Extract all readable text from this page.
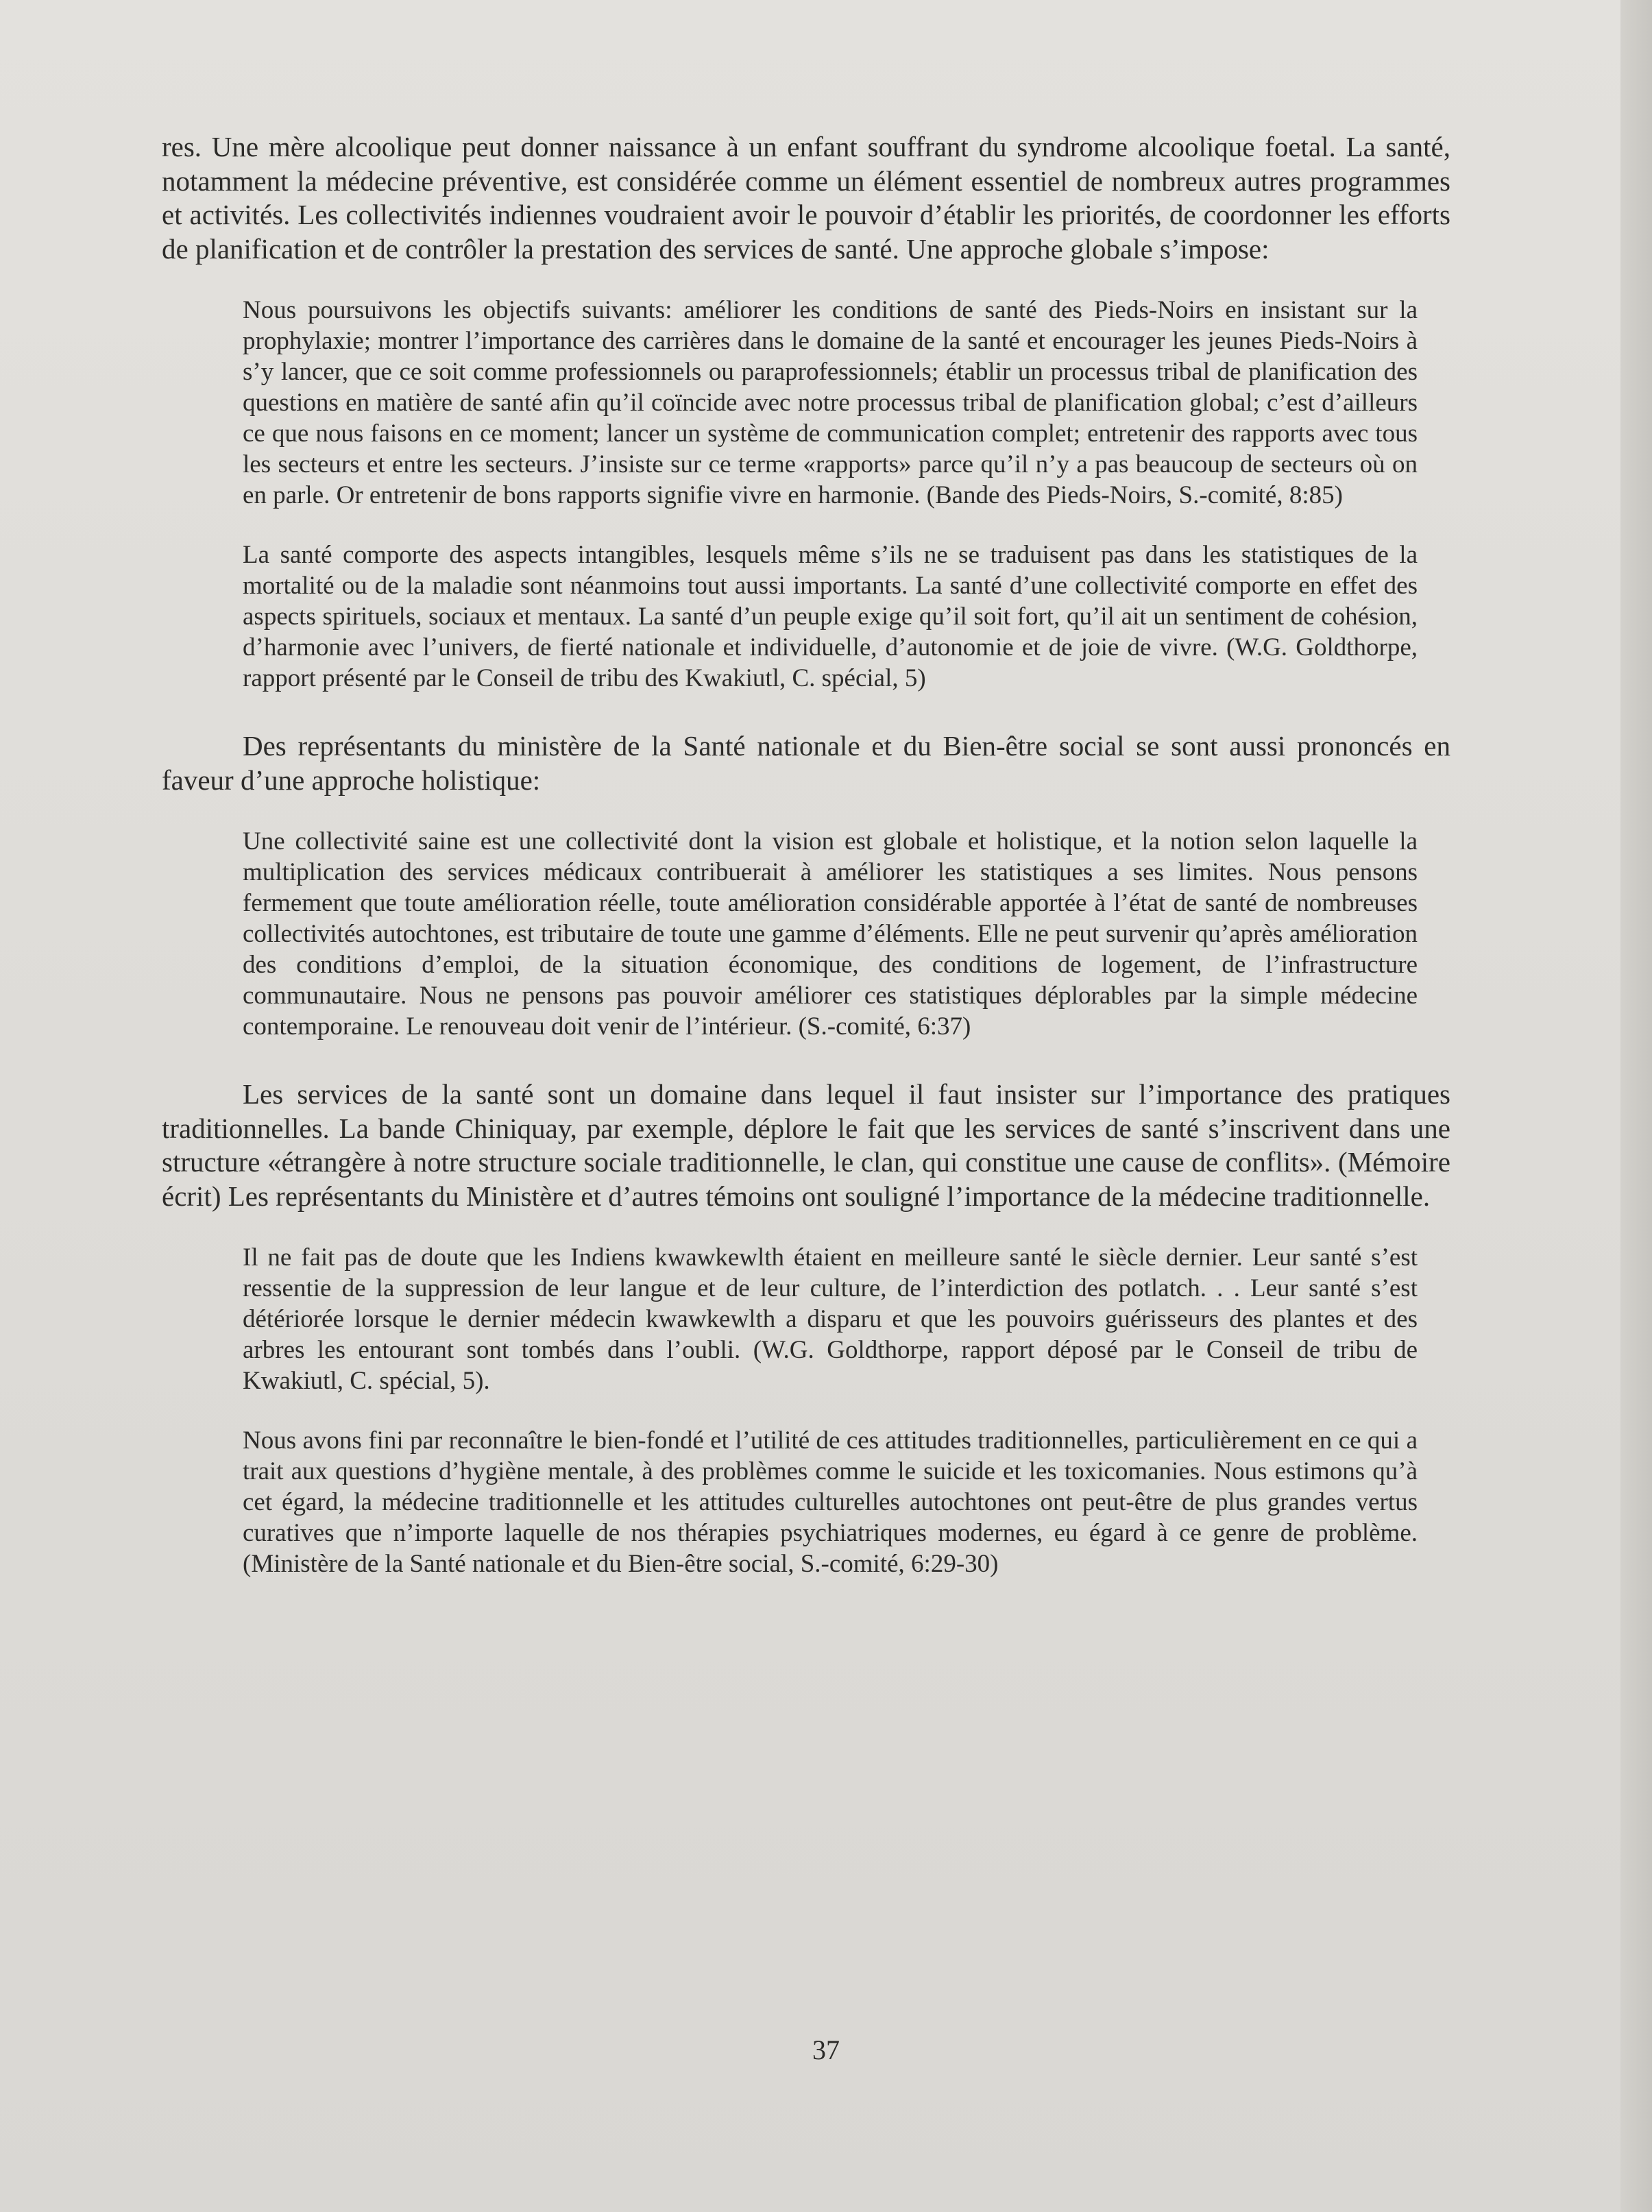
res. Une mère alcoolique peut donner naissance à un enfant souffrant du syndrome alcoolique foetal. La santé, notamment la médecine préventive, est considérée comme un élément essentiel de nombreux autres programmes et activités. Les collectivités indiennes voudraient avoir le pouvoir d’établir les priorités, de coordonner les efforts de planification et de contrôler la prestation des services de santé. Une approche globale s’impose:

Nous poursuivons les objectifs suivants: améliorer les conditions de santé des Pieds-Noirs en insistant sur la prophylaxie; montrer l’importance des carrières dans le domaine de la santé et encourager les jeunes Pieds-Noirs à s’y lancer, que ce soit comme professionnels ou paraprofessionnels; établir un processus tribal de planification des questions en matière de santé afin qu’il coïncide avec notre processus tribal de planification global; c’est d’ailleurs ce que nous faisons en ce moment; lancer un système de communication complet; entretenir des rapports avec tous les secteurs et entre les secteurs. J’insiste sur ce terme «rapports» parce qu’il n’y a pas beaucoup de secteurs où on en parle. Or entretenir de bons rapports signifie vivre en harmonie. (Bande des Pieds-Noirs, S.-comité, 8:85)

La santé comporte des aspects intangibles, lesquels même s’ils ne se traduisent pas dans les statistiques de la mortalité ou de la maladie sont néanmoins tout aussi importants. La santé d’une collectivité comporte en effet des aspects spirituels, sociaux et mentaux. La santé d’un peuple exige qu’il soit fort, qu’il ait un sentiment de cohésion, d’harmonie avec l’univers, de fierté nationale et individuelle, d’autonomie et de joie de vivre. (W.G. Goldthorpe, rapport présenté par le Conseil de tribu des Kwakiutl, C. spécial, 5)

Des représentants du ministère de la Santé nationale et du Bien-être social se sont aussi prononcés en faveur d’une approche holistique:

Une collectivité saine est une collectivité dont la vision est globale et holistique, et la notion selon laquelle la multiplication des services médicaux contribuerait à améliorer les statistiques a ses limites. Nous pensons fermement que toute amélioration réelle, toute amélioration considérable apportée à l’état de santé de nombreuses collectivités autochtones, est tributaire de toute une gamme d’éléments. Elle ne peut survenir qu’après amélioration des conditions d’emploi, de la situation économique, des conditions de logement, de l’infrastructure communautaire. Nous ne pensons pas pouvoir améliorer ces statistiques déplorables par la simple médecine contemporaine. Le renouveau doit venir de l’intérieur. (S.-comité, 6:37)

Les services de la santé sont un domaine dans lequel il faut insister sur l’importance des pratiques traditionnelles. La bande Chiniquay, par exemple, déplore le fait que les services de santé s’inscrivent dans une structure «étrangère à notre structure sociale traditionnelle, le clan, qui constitue une cause de conflits». (Mémoire écrit) Les représentants du Ministère et d’autres témoins ont souligné l’importance de la médecine traditionnelle.

Il ne fait pas de doute que les Indiens kwawkewlth étaient en meilleure santé le siècle dernier. Leur santé s’est ressentie de la suppression de leur langue et de leur culture, de l’interdiction des potlatch. . . Leur santé s’est détériorée lorsque le dernier médecin kwawkewlth a disparu et que les pouvoirs guérisseurs des plantes et des arbres les entourant sont tombés dans l’oubli. (W.G. Goldthorpe, rapport déposé par le Conseil de tribu de Kwakiutl, C. spécial, 5).

Nous avons fini par reconnaître le bien-fondé et l’utilité de ces attitudes traditionnelles, particulièrement en ce qui a trait aux questions d’hygiène mentale, à des problèmes comme le suicide et les toxicomanies. Nous estimons qu’à cet égard, la médecine traditionnelle et les attitudes culturelles autochtones ont peut-être de plus grandes vertus curatives que n’importe laquelle de nos thérapies psychiatriques modernes, eu égard à ce genre de problème. (Ministère de la Santé nationale et du Bien-être social, S.-comité, 6:29-30)

37
